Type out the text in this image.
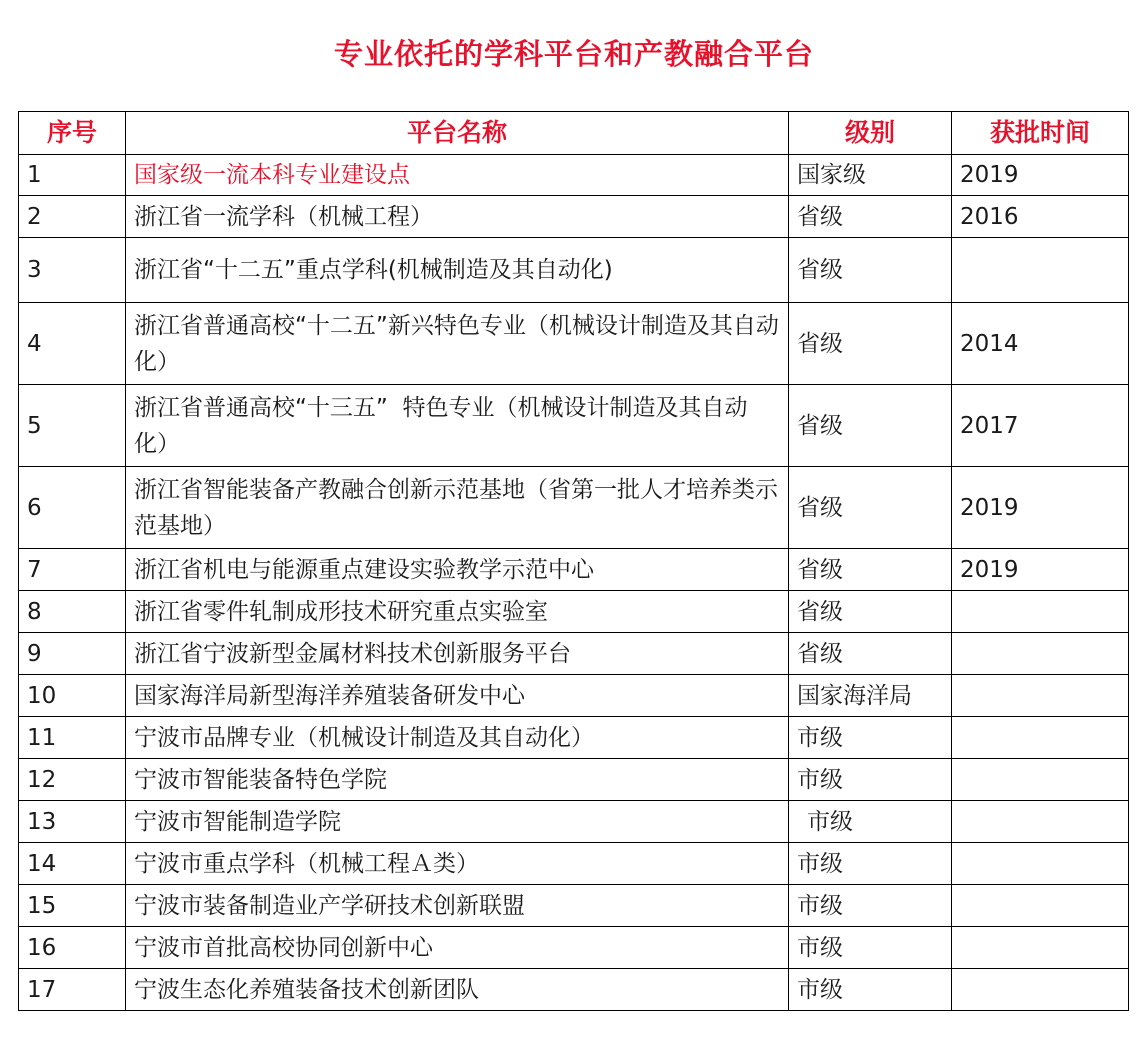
专业依托的学科平台和产教融合平台
序号	平台名称	级别	获批时间
1	国家级一流本科专业建设点	国家级	2019
2	浙江省一流学科（机械工程）	省级	2016
3	浙江省“十二五”重点学科(机械制造及其自动化)	省级	
4	浙江省普通高校“十二五”新兴特色专业（机械设计制造及其自动化）	省级	2014
5	浙江省普通高校“十三五”  特色专业（机械设计制造及其自动化）	省级	2017
6	浙江省智能装备产教融合创新示范基地（省第一批人才培养类示范基地）	省级	2019
7	浙江省机电与能源重点建设实验教学示范中心	省级	2019
8	浙江省零件轧制成形技术研究重点实验室	省级	
9	浙江省宁波新型金属材料技术创新服务平台	省级	
10	国家海洋局新型海洋养殖装备研发中心	国家海洋局	
11	宁波市品牌专业（机械设计制造及其自动化）	市级	
12	宁波市智能装备特色学院	市级	
13	宁波市智能制造学院	市级	
14	宁波市重点学科（机械工程Ａ类）	市级	
15	宁波市装备制造业产学研技术创新联盟	市级	
16	宁波市首批高校协同创新中心	市级	
17	宁波生态化养殖装备技术创新团队	市级	
